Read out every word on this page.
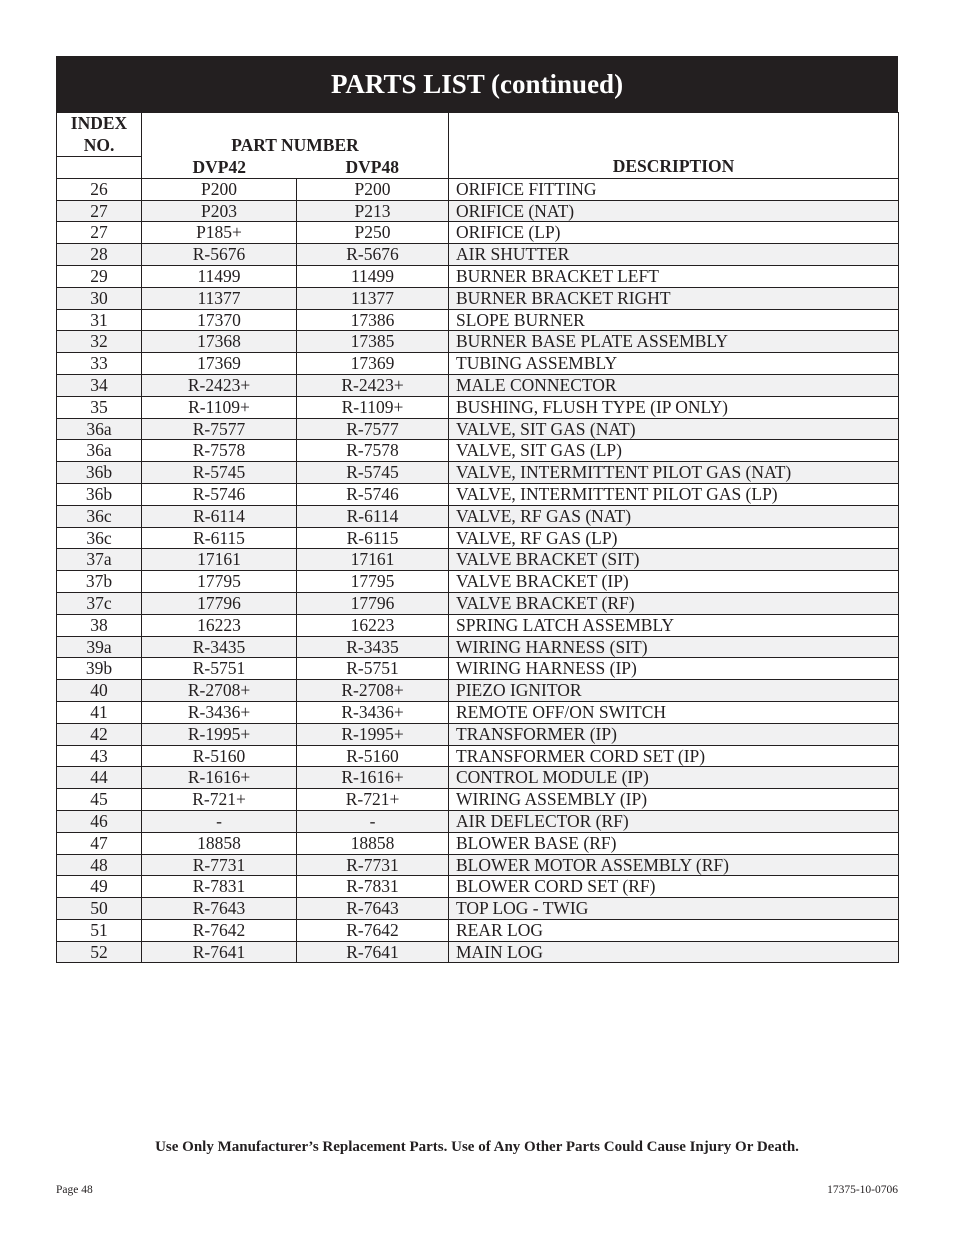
PARTS LIST (continued)
INDEX
NO.	PART NUMBER		DESCRIPTION
	DVP42	DVP48	
26	P200	P200	ORIFICE FITTING
27	P203	P213	ORIFICE (NAT)
27	P185+	P250	ORIFICE (LP)
28	R-5676	R-5676	AIR SHUTTER
29	11499	11499	BURNER BRACKET LEFT
30	11377	11377	BURNER BRACKET RIGHT
31	17370	17386	SLOPE BURNER
32	17368	17385	BURNER BASE PLATE ASSEMBLY
33	17369	17369	TUBING ASSEMBLY
34	R-2423+	R-2423+	MALE CONNECTOR
35	R-1109+	R-1109+	BUSHING, FLUSH TYPE (IP ONLY)
36a	R-7577	R-7577	VALVE, SIT GAS (NAT)
36a	R-7578	R-7578	VALVE, SIT GAS (LP)
36b	R-5745	R-5745	VALVE, INTERMITTENT PILOT GAS (NAT)
36b	R-5746	R-5746	VALVE, INTERMITTENT PILOT GAS (LP)
36c	R-6114	R-6114	VALVE, RF GAS (NAT)
36c	R-6115	R-6115	VALVE, RF GAS (LP)
37a	17161	17161	VALVE BRACKET (SIT)
37b	17795	17795	VALVE BRACKET (IP)
37c	17796	17796	VALVE BRACKET (RF)
38	16223	16223	SPRING LATCH ASSEMBLY
39a	R-3435	R-3435	WIRING HARNESS (SIT)
39b	R-5751	R-5751	WIRING HARNESS (IP)
40	R-2708+	R-2708+	PIEZO IGNITOR
41	R-3436+	R-3436+	REMOTE OFF/ON SWITCH
42	R-1995+	R-1995+	TRANSFORMER (IP)
43	R-5160	R-5160	TRANSFORMER CORD SET (IP)
44	R-1616+	R-1616+	CONTROL MODULE (IP)
45	R-721+	R-721+	WIRING ASSEMBLY (IP)
46	-	-	AIR DEFLECTOR (RF)
47	18858	18858	BLOWER BASE (RF)
48	R-7731	R-7731	BLOWER MOTOR ASSEMBLY (RF)
49	R-7831	R-7831	BLOWER CORD SET (RF)
50	R-7643	R-7643	TOP LOG - TWIG
51	R-7642	R-7642	REAR LOG
52	R-7641	R-7641	MAIN LOG
Use Only Manufacturer’s Replacement Parts. Use of Any Other Parts Could Cause Injury Or Death.
Page 48	17375-10-0706
